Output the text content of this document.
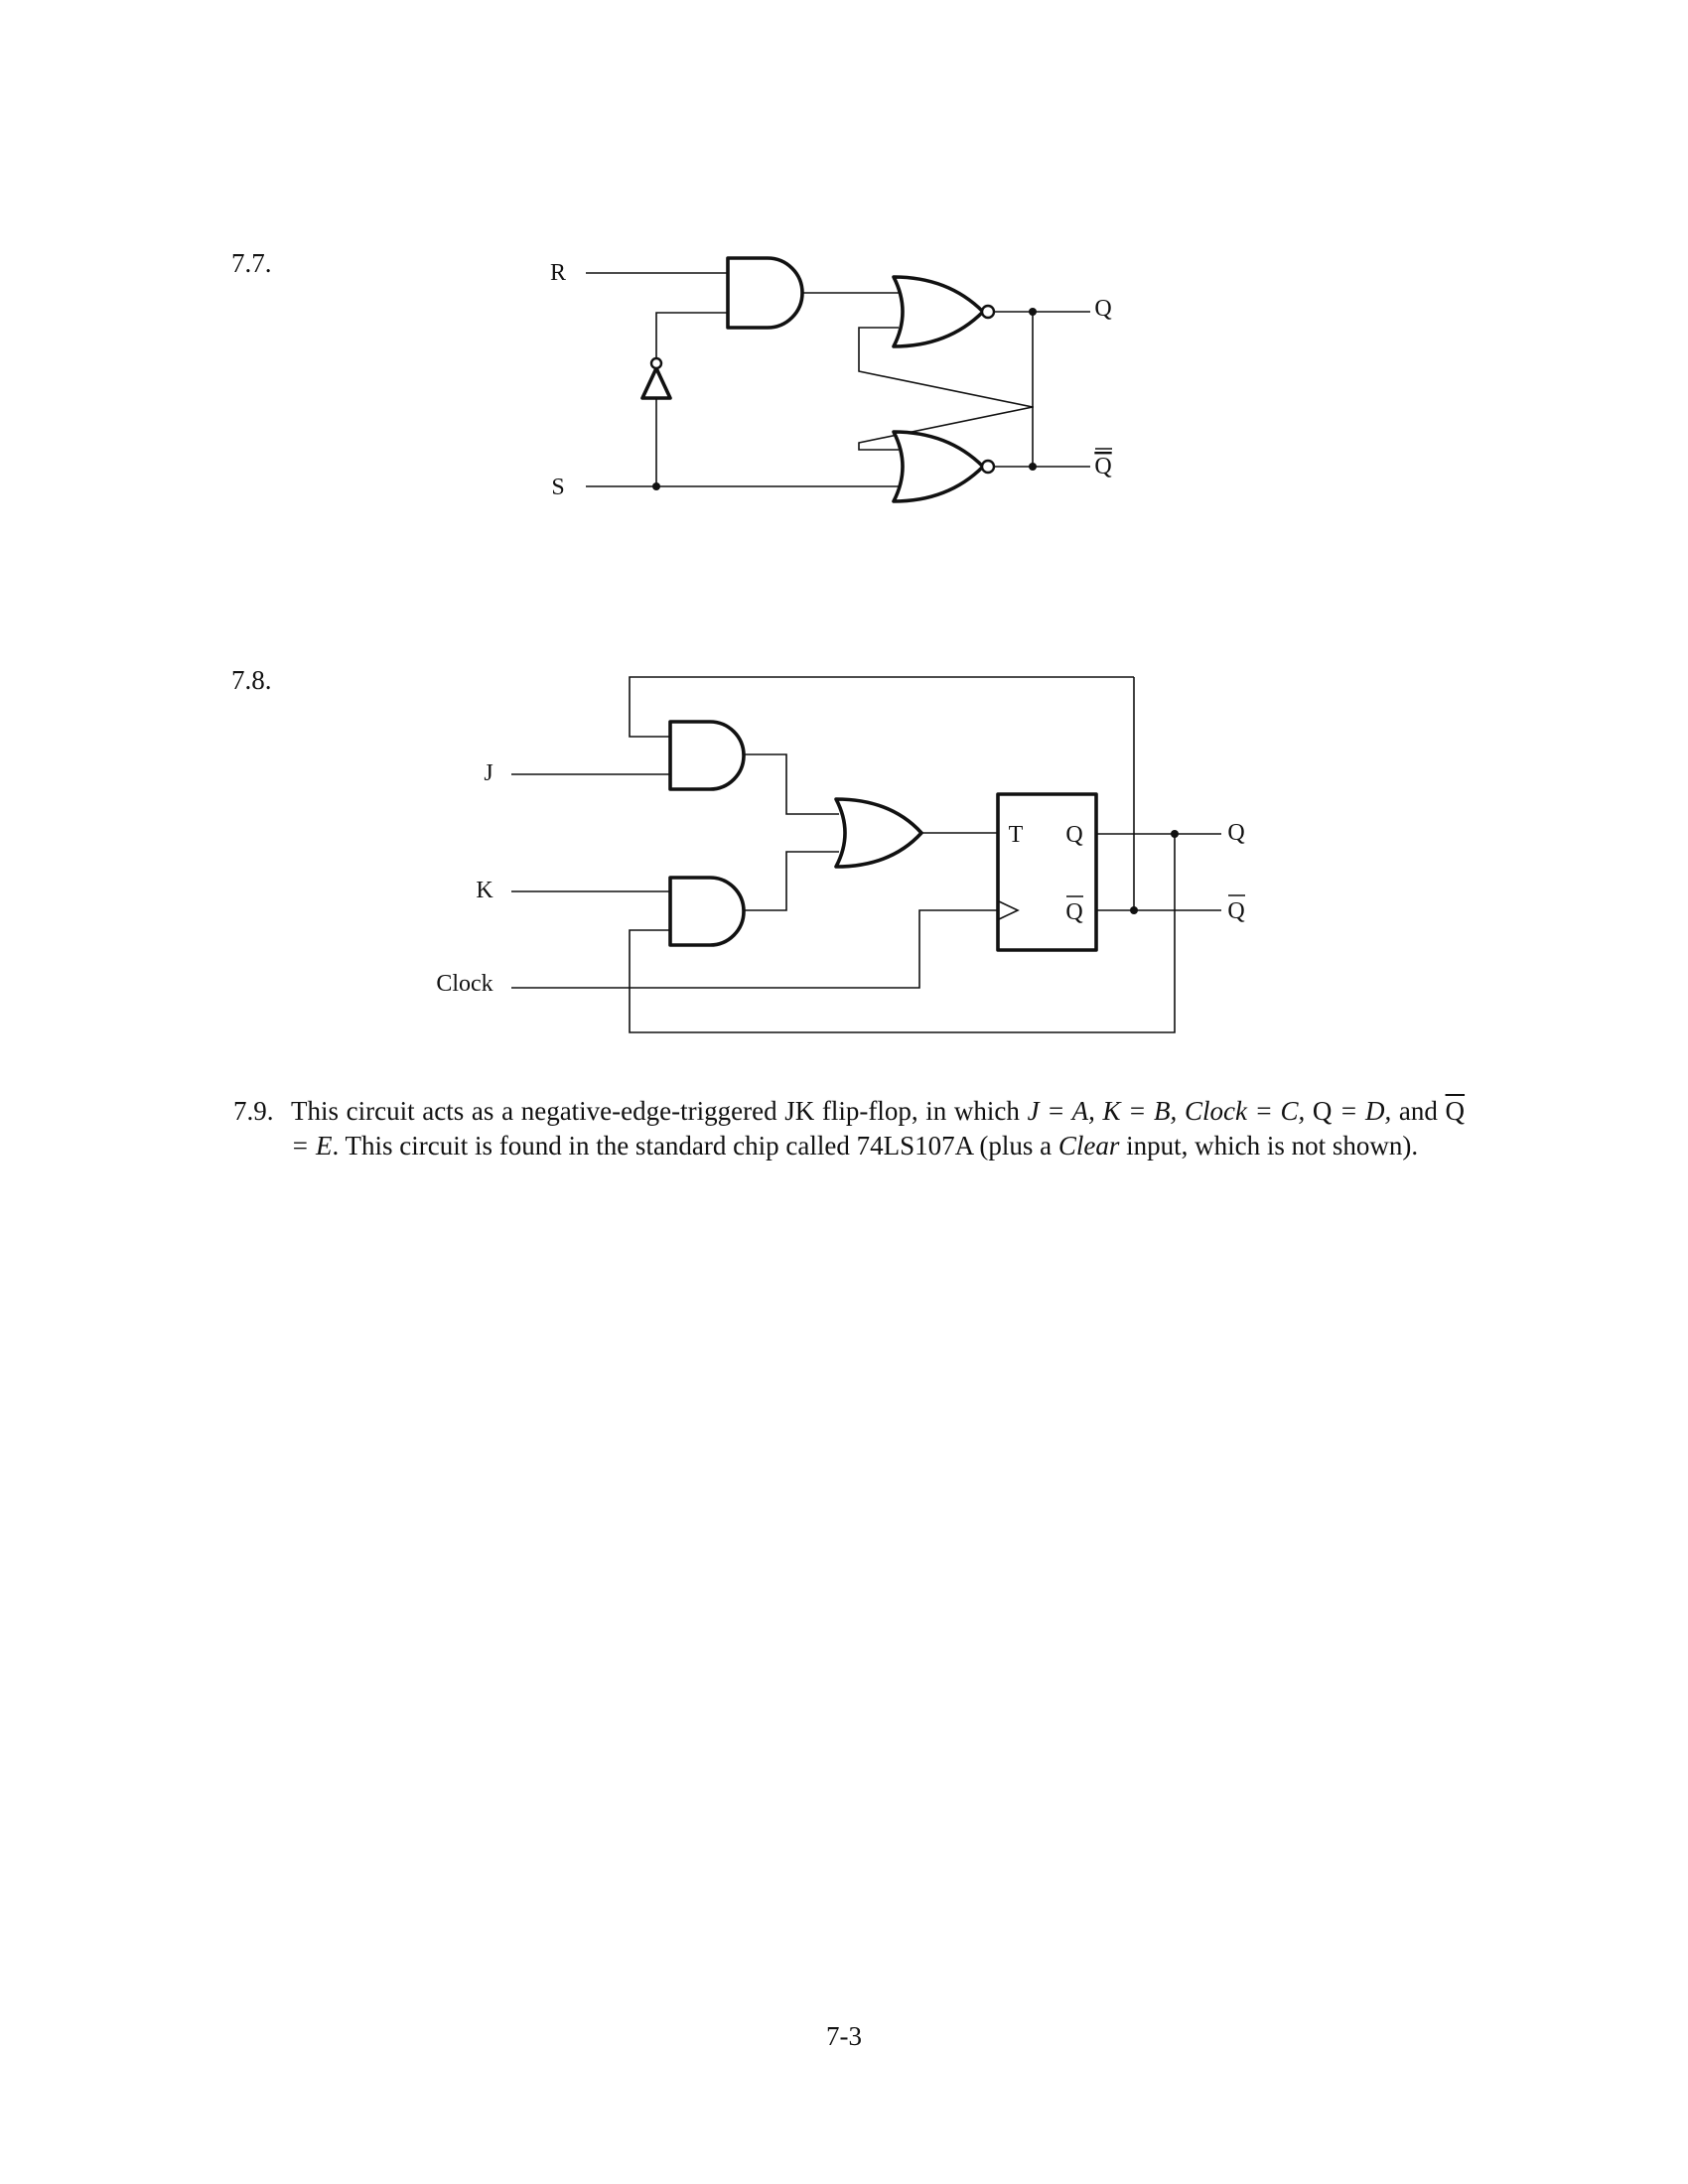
7.7.
7.8.
R
S
Q
Q
J
K
Clock
Q
Q
T Q
Q
7.9. This circuit acts as a negative-edge-triggered JK flip-flop, in which J = A, K = B, Clock = C, Q = D, and $\overline{Q} = E$. This circuit is found in the standard chip called 74LS107A (plus a Clear input, which is not shown).
7-3
